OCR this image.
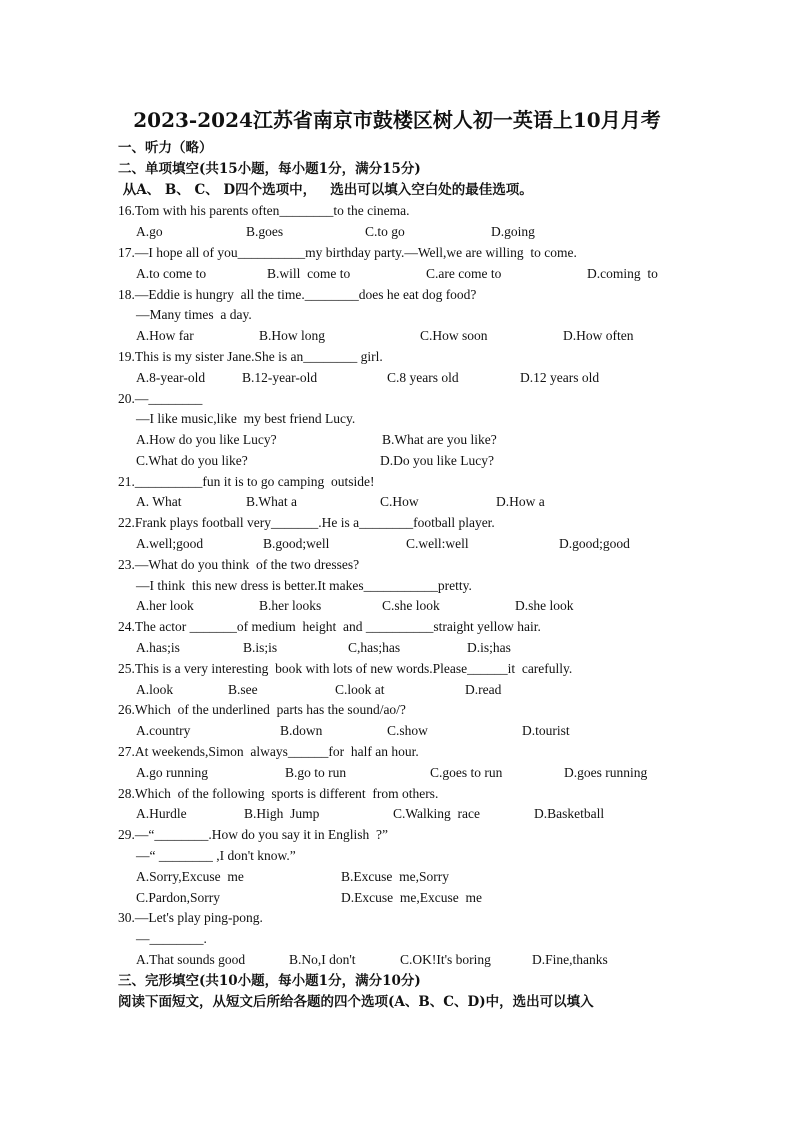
2023-2024江苏省南京市鼓楼区树人初一英语上10月月考
一、听力（略）
二、单项填空(共15小题，每小题1分，满分15分)
从A、 B、 C、 D四个选项中，   选出可以填入空白处的最佳选项。
16.Tom with his parents often________to the cinema.
A.go	B.goes	C.to go	D.going
17.—I hope all of you__________my birthday party.—Well,we are willing  to come.
A.to come to	B.will  come to	C.are come to	D.coming  to
18.—Eddie is hungry  all the time.________does he eat dog food?
—Many times  a day.
A.How far	B.How long	C.How soon	D.How often
19.This is my sister Jane.She is an________ girl.
A.8-year-old	B.12-year-old	C.8 years old	D.12 years old
20.—________
—I like music,like  my best friend Lucy.
A.How do you like Lucy?	B.What are you like?
C.What do you like?	D.Do you like Lucy?
21.__________fun it is to go camping  outside!
A. What	B.What a	C.How	D.How a
22.Frank plays football very_______.He is a________football player.
A.well;good	B.good;well	C.well:well	D.good;good
23.—What do you think  of the two dresses?
—I think  this new dress is better.It makes___________pretty.
A.her look	B.her looks	C.she look	D.she look
24.The actor _______of medium  height  and __________straight yellow hair.
A.has;is	B.is;is	C,has;has	D.is;has
25.This is a very interesting  book with lots of new words.Please______it  carefully.
A.look	B.see	C.look at	D.read
26.Which  of the underlined  parts has the sound/ao/?
A.country	B.down	C.show	D.tourist
27.At weekends,Simon  always______for  half an hour.
A.go running	B.go to run	C.goes to run	D.goes running
28.Which  of the following  sports is different  from others.
A.Hurdle	B.High  Jump	C.Walking  race	D.Basketball
29.—“________.How do you say it in English  ?”
—“ ________ ,I don't know.”
A.Sorry,Excuse  me	B.Excuse  me,Sorry
C.Pardon,Sorry	D.Excuse  me,Excuse  me
30.—Let's play ping-pong.
—________.
A.That sounds good	B.No,I don't	C.OK!It's boring	D.Fine,thanks
三、完形填空(共10小题，每小题1分，满分10分)
阅读下面短文，从短文后所给各题的四个选项(A、B、C、D)中，选出可以填入
